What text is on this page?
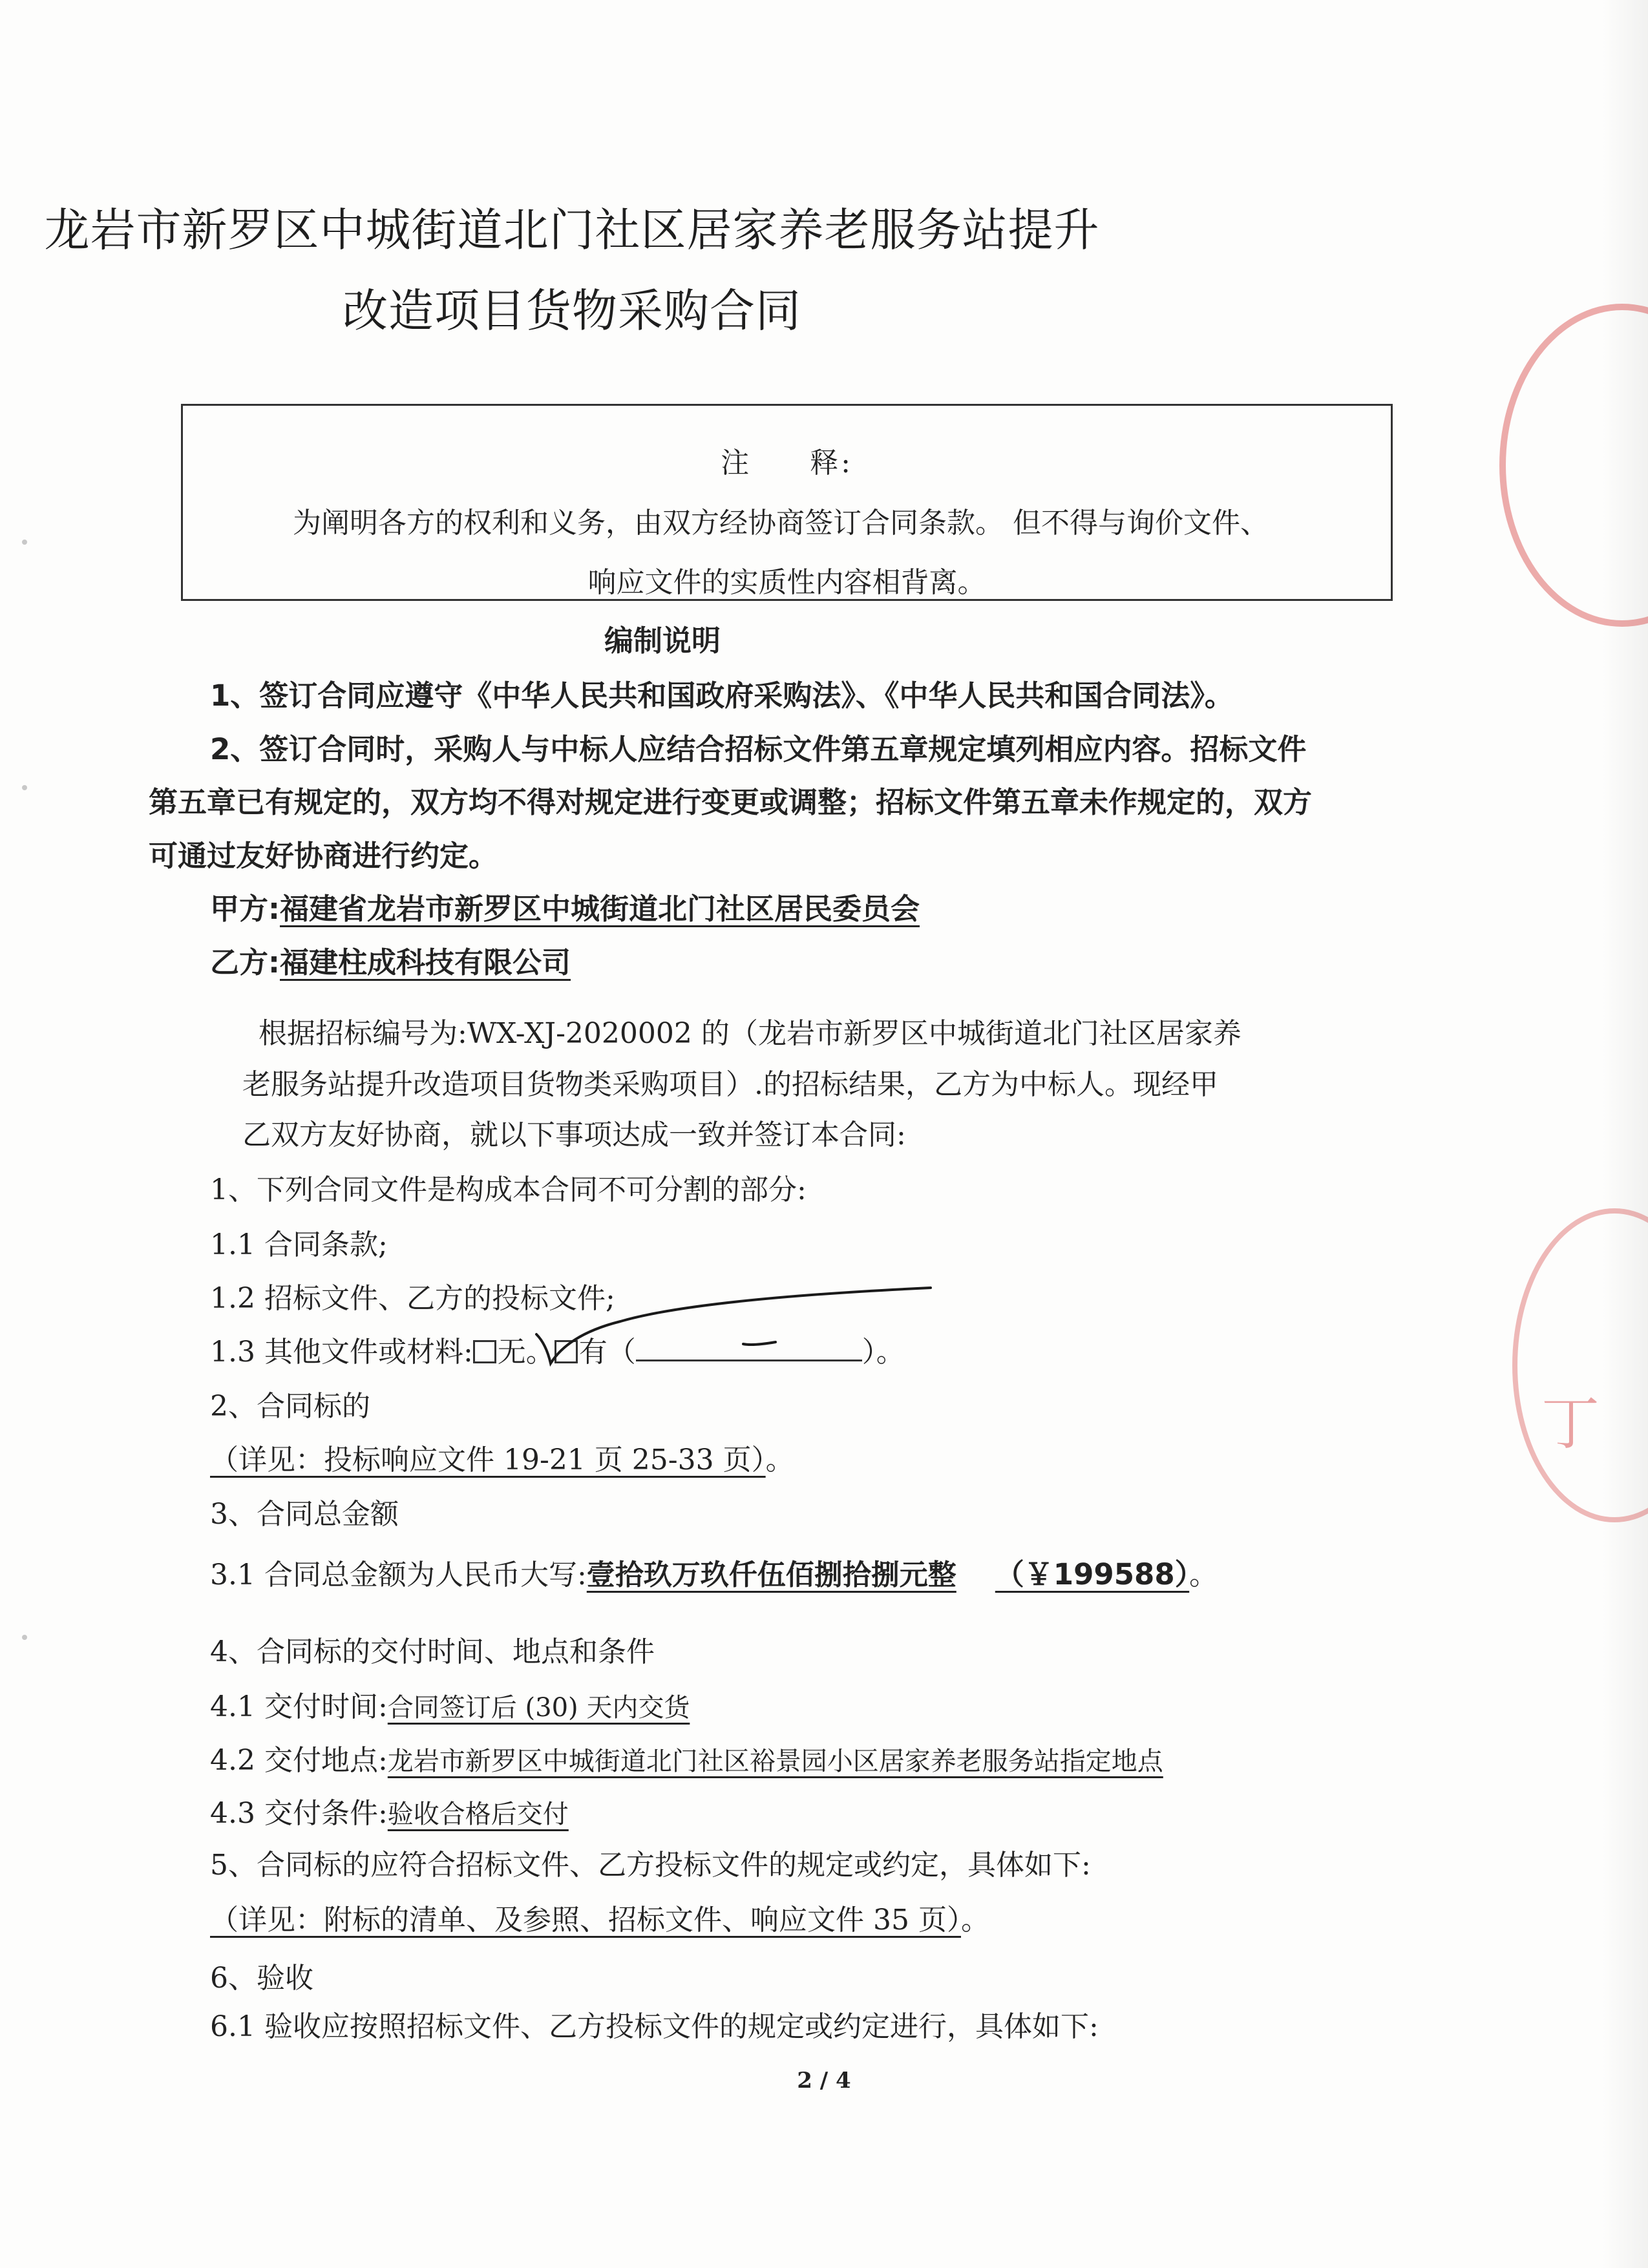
丁
龙岩市新罗区中城街道北门社区居家养老服务站提升
改造项目货物采购合同
注 释:
为阐明各方的权利和义务，由双方经协商签订合同条款。 但不得与询价文件、
响应文件的实质性内容相背离。
编制说明
1、签订合同应遵守《中华人民共和国政府采购法》、《中华人民共和国合同法》。
2、签订合同时，采购人与中标人应结合招标文件第五章规定填列相应内容。招标文件
第五章已有规定的，双方均不得对规定进行变更或调整；招标文件第五章未作规定的，双方
可通过友好协商进行约定。
甲方:福建省龙岩市新罗区中城街道北门社区居民委员会
乙方:福建柱成科技有限公司
根据招标编号为:WX-XJ-2020002 的（龙岩市新罗区中城街道北门社区居家养
老服务站提升改造项目货物类采购项目）.的招标结果，乙方为中标人。现经甲
乙双方友好协商，就以下事项达成一致并签订本合同:
1、下列合同文件是构成本合同不可分割的部分:
1.1 合同条款;
1.2 招标文件、乙方的投标文件;
1.3 其他文件或材料: 无。 有（	）。
2、合同标的
（详见：投标响应文件 19-21 页 25-33 页）。
3、合同总金额
3.1 合同总金额为人民币大写:壹拾玖万玖仟伍佰捌拾捌元整 （￥199588）。
4、合同标的交付时间、地点和条件
4.1 交付时间:合同签订后 (30) 天内交货
4.2 交付地点:龙岩市新罗区中城街道北门社区裕景园小区居家养老服务站指定地点
4.3 交付条件:验收合格后交付
5、合同标的应符合招标文件、乙方投标文件的规定或约定，具体如下:
（详见：附标的清单、及参照、招标文件、响应文件 35 页）。
6、验收
6.1 验收应按照招标文件、乙方投标文件的规定或约定进行，具体如下:
2 / 4
